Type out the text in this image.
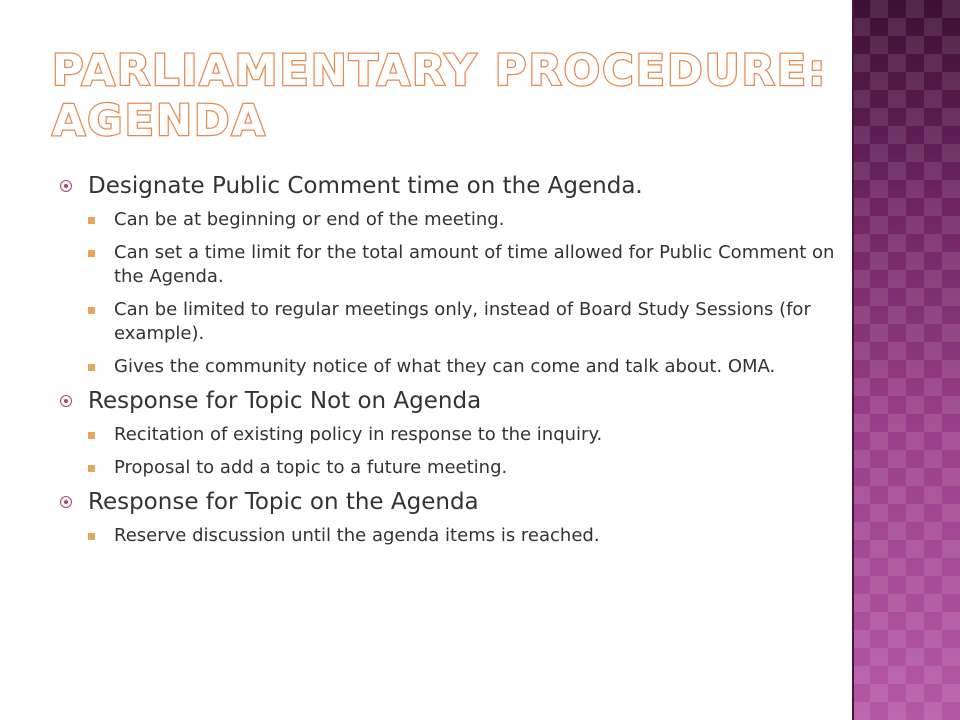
PARLIAMENTARY PROCEDURE: AGENDA
Designate Public Comment time on the Agenda.
Can be at beginning or end of the meeting.
Can set a time limit for the total amount of time allowed for Public Comment on the Agenda.
Can be limited to regular meetings only, instead of Board Study Sessions (for example).
Gives the community notice of what they can come and talk about. OMA.
Response for Topic Not on Agenda
Recitation of existing policy in response to the inquiry.
Proposal to add a topic to a future meeting.
Response for Topic on the Agenda
Reserve discussion until the agenda items is reached.
